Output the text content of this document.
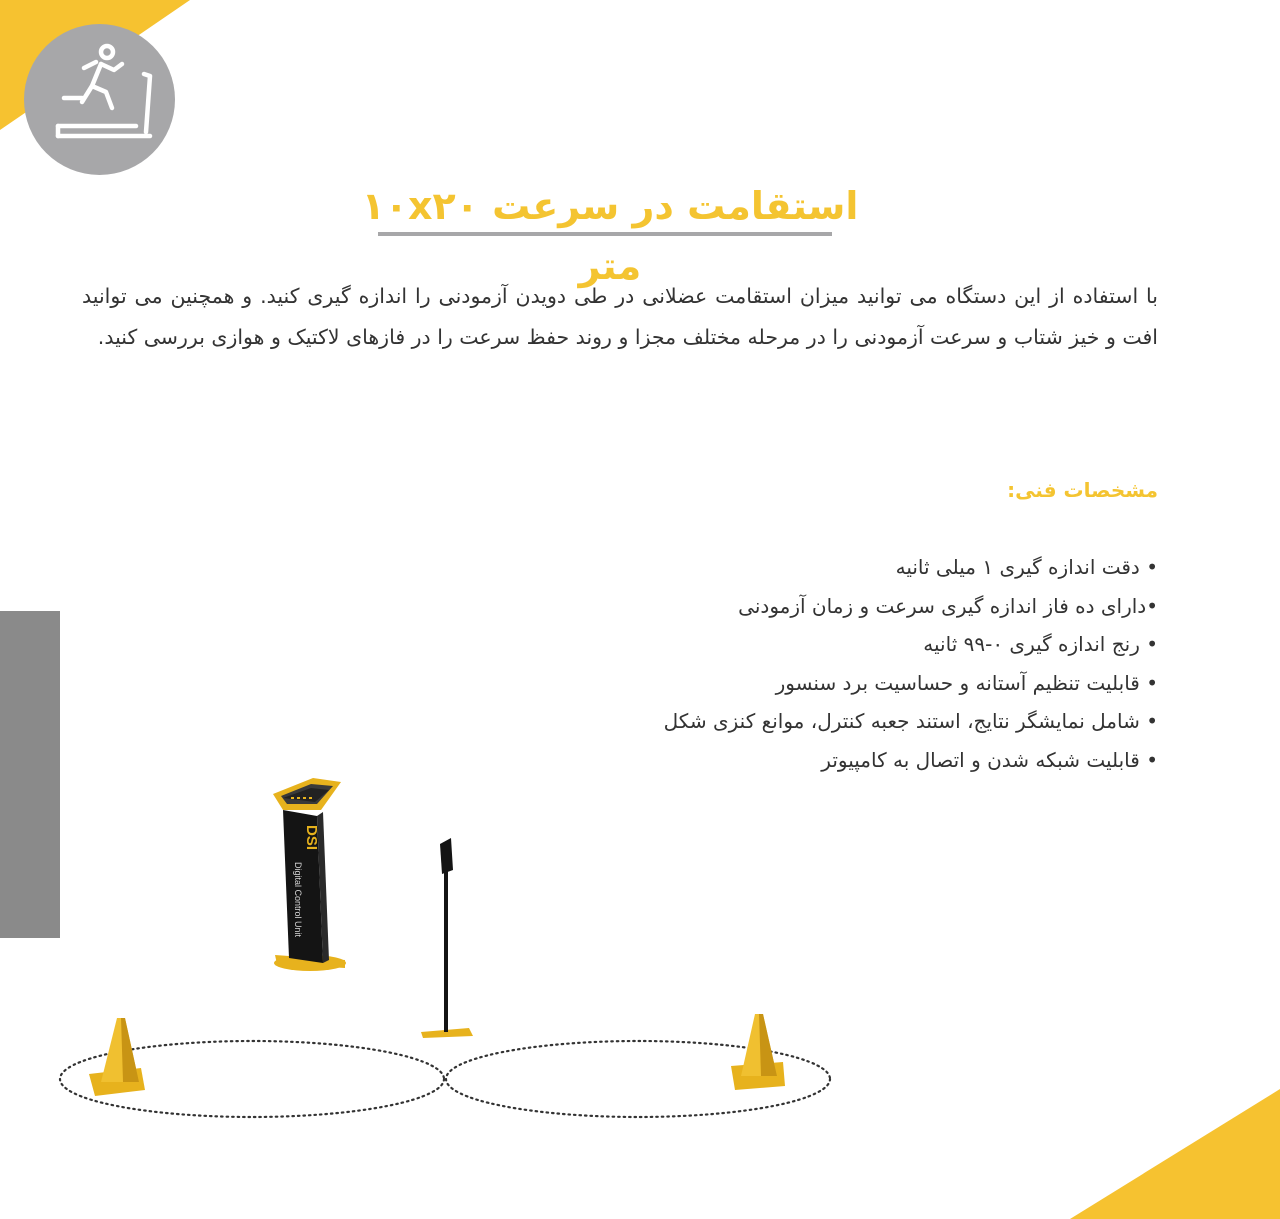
استقامت در سرعت ۱۰x۲۰ متر
با استفاده از این دستگاه می توانید میزان استقامت عضلانی در طی دویدن آزمودنی را اندازه گیری کنید. و همچنین می توانید افت و خیز شتاب و سرعت آزمودنی را در مرحله مختلف مجزا و روند حفظ سرعت را در فازهای لاکتیک و هوازی بررسی کنید.
مشخصات فنی:
• دقت اندازه گیری ۱ میلی ثانیه
•دارای ده فاز اندازه گیری سرعت و زمان آزمودنی
• رنج اندازه گیری ۰-۹۹ ثانیه
• قابلیت تنظیم آستانه و حساسیت برد سنسور
• شامل نمایشگر نتایج، استند جعبه کنترل، موانع کنزی شکل
• قابلیت شبکه شدن و اتصال به کامپیوتر
DSI
Digital Control Unit
